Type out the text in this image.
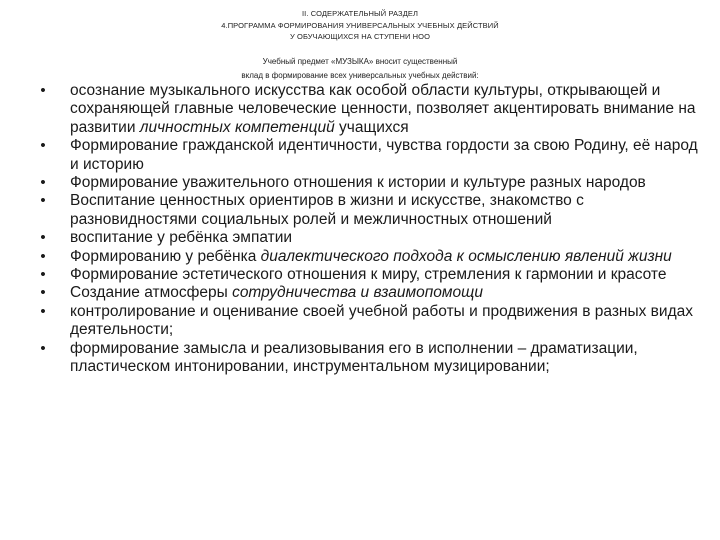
II. СОДЕРЖАТЕЛЬНЫЙ РАЗДЕЛ
4.ПРОГРАММА ФОРМИРОВАНИЯ УНИВЕРСАЛЬНЫХ УЧЕБНЫХ ДЕЙСТВИЙ
У ОБУЧАЮЩИХСЯ НА СТУПЕНИ НОО
Учебный предмет «МУЗЫКА» вносит существенный
вклад в формирование всех универсальных учебных действий:
• осознание музыкального искусства как особой области культуры, открывающей и сохраняющей главные человеческие ценности, позволяет акцентировать внимание на развитии личностных компетенций учащихся
• Формирование гражданской идентичности, чувства гордости за свою Родину, её народ и историю
• Формирование уважительного отношения к истории и культуре разных народов
• Воспитание ценностных ориентиров в жизни и искусстве, знакомство с разновидностями социальных ролей и межличностных отношений
• воспитание у ребёнка эмпатии
• Формированию у ребёнка диалектического подхода к осмыслению явлений жизни
• Формирование эстетического отношения к миру, стремления к гармонии и красоте
• Создание атмосферы сотрудничества и взаимопомощи
• контролирование и оценивание своей учебной работы и продвижения в разных видах деятельности;
• формирование замысла и реализовывания его в исполнении – драматизации, пластическом интонировании, инструментальном музицировании;
